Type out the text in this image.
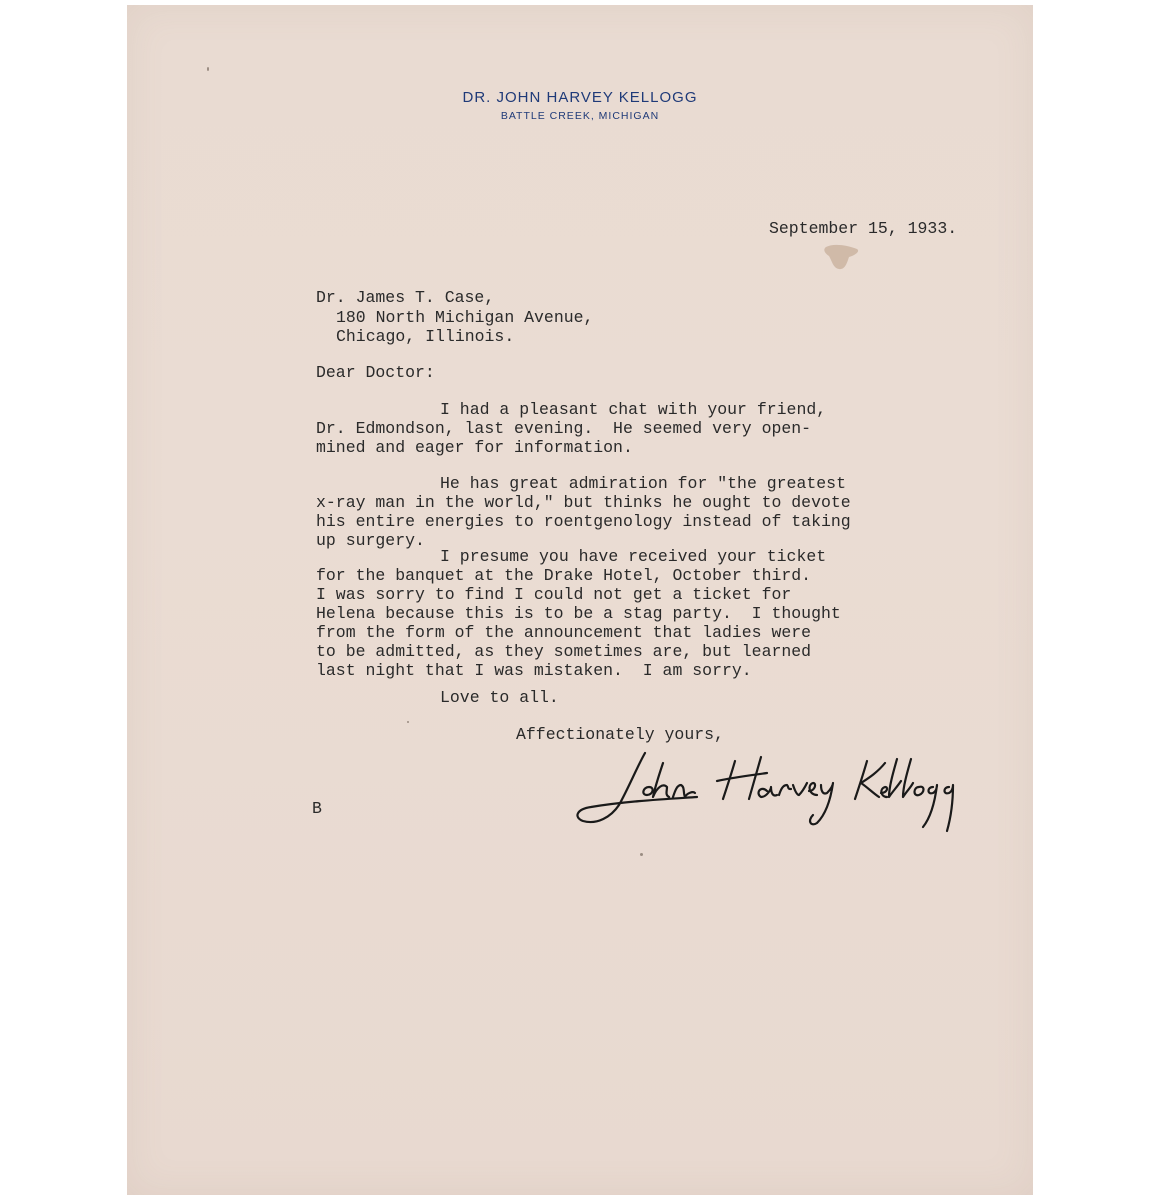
DR. JOHN HARVEY KELLOGG
BATTLE CREEK, MICHIGAN
September 15, 1933.
Dr. James T. Case,
180 North Michigan Avenue,
Chicago, Illinois.
Dear Doctor:
I had a pleasant chat with your friend,
Dr. Edmondson, last evening.  He seemed very open-
mined and eager for information.
He has great admiration for "the greatest
x-ray man in the world," but thinks he ought to devote
his entire energies to roentgenology instead of taking
up surgery.
I presume you have received your ticket
for the banquet at the Drake Hotel, October third.
I was sorry to find I could not get a ticket for
Helena because this is to be a stag party.  I thought
from the form of the announcement that ladies were
to be admitted, as they sometimes are, but learned
last night that I was mistaken.  I am sorry.
Love to all.
Affectionately yours,
B
